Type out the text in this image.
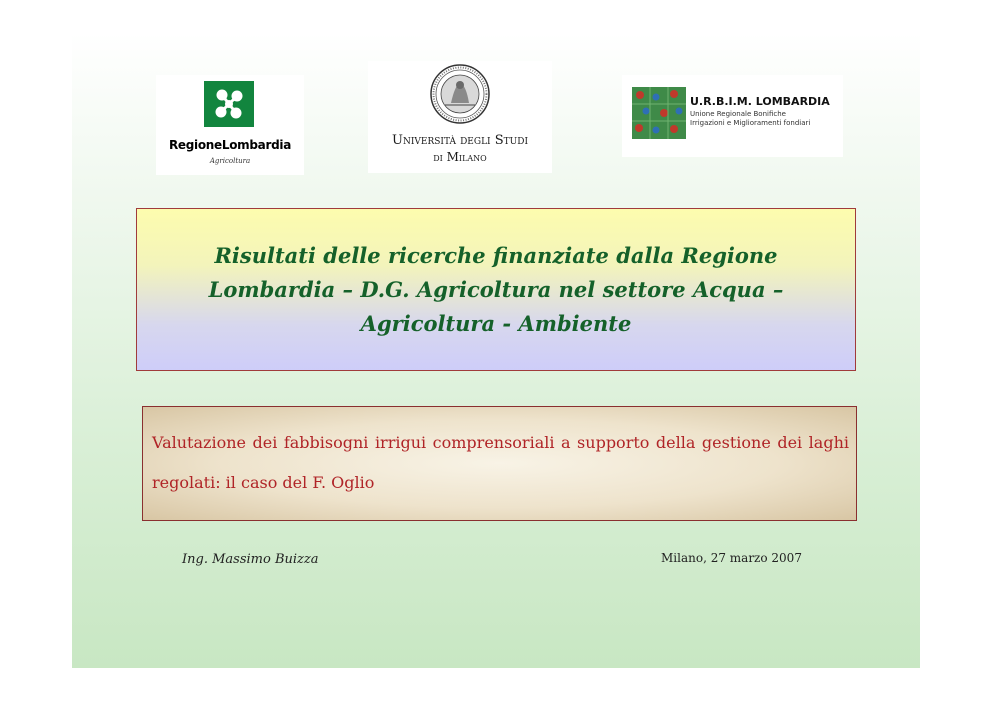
RegioneLombardia
Agricoltura
Università degli Studi
di Milano
U.R.B.I.M. LOMBARDIA
Unione Regionale Bonifiche
Irrigazioni e Miglioramenti fondiari
Risultati delle ricerche finanziate dalla Regione Lombardia – D.G. Agricoltura nel settore Acqua – Agricoltura - Ambiente
Valutazione dei fabbisogni irrigui comprensoriali a supporto della gestione dei laghi regolati: il caso del F. Oglio
Ing. Massimo Buizza	Milano, 27 marzo 2007
